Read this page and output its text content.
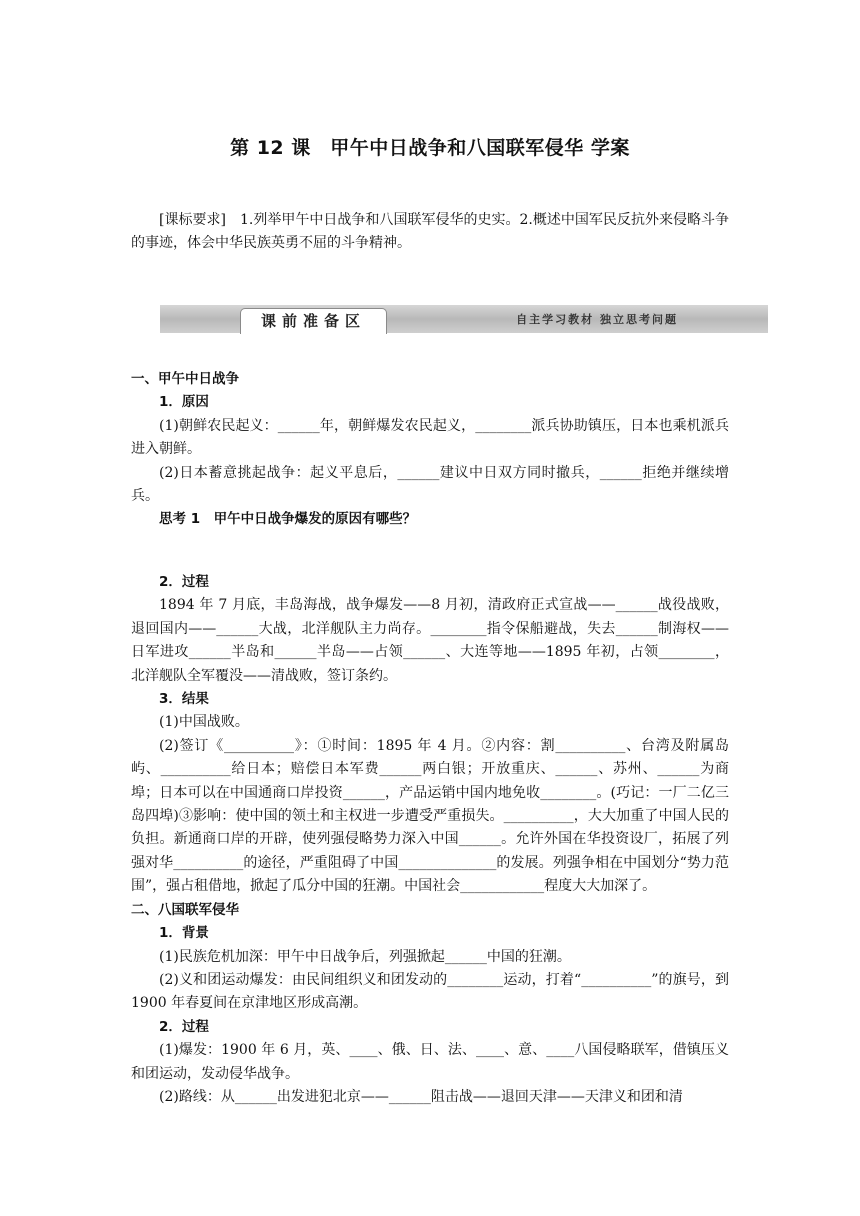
第 12 课　甲午中日战争和八国联军侵华 学案

[课标要求]　1.列举甲午中日战争和八国联军侵华的史实。2.概述中国军民反抗外来侵略斗争的事迹，体会中华民族英勇不屈的斗争精神。

课前准备区	自主学习教材 独立思考问题

一、甲午中日战争

1．原因

(1)朝鲜农民起义：______年，朝鲜爆发农民起义，________派兵协助镇压，日本也乘机派兵进入朝鲜。

(2)日本蓄意挑起战争：起义平息后，______建议中日双方同时撤兵，______拒绝并继续增兵。

思考 1　甲午中日战争爆发的原因有哪些？

2．过程

1894 年 7 月底，丰岛海战，战争爆发——8 月初，清政府正式宣战——______战役战败，退回国内——______大战，北洋舰队主力尚存。________指令保船避战，失去______制海权——日军进攻______半岛和______半岛——占领______、大连等地——1895 年初，占领________，北洋舰队全军覆没——清战败，签订条约。

3．结果

(1)中国战败。

(2)签订《__________》：①时间：1895 年 4 月。②内容：割__________、台湾及附属岛屿、__________给日本；赔偿日本军费______两白银；开放重庆、______、苏州、______为商埠；日本可以在中国通商口岸投资______，产品运销中国内地免收________。(巧记：一厂二亿三岛四埠)③影响：使中国的领土和主权进一步遭受严重损失。__________，大大加重了中国人民的负担。新通商口岸的开辟，使列强侵略势力深入中国______。允许外国在华投资设厂，拓展了列强对华__________的途径，严重阻碍了中国______________的发展。列强争相在中国划分“势力范围”，强占租借地，掀起了瓜分中国的狂潮。中国社会____________程度大大加深了。

二、八国联军侵华

1．背景

(1)民族危机加深：甲午中日战争后，列强掀起______中国的狂潮。

(2)义和团运动爆发：由民间组织义和团发动的________运动，打着“__________”的旗号，到 1900 年春夏间在京津地区形成高潮。

2．过程

(1)爆发：1900 年 6 月，英、____、俄、日、法、____、意、____八国侵略联军，借镇压义和团运动，发动侵华战争。

(2)路线：从______出发进犯北京——______阻击战——退回天津——天津义和团和清
